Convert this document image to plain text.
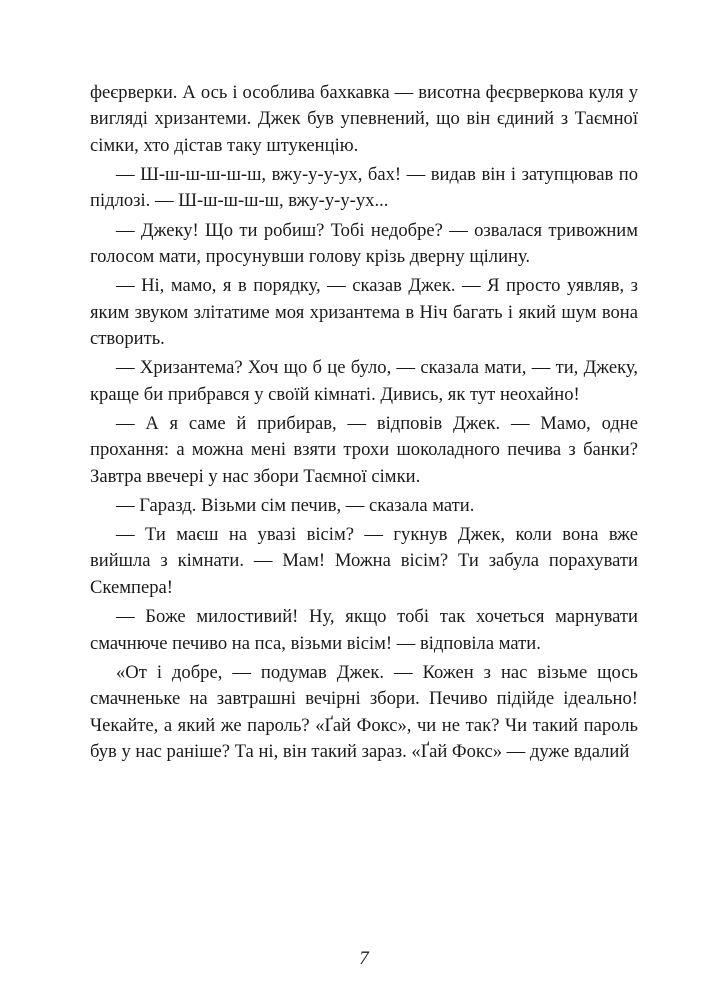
феєрверки. А ось і особлива бахкавка — висотна феєрверкова куля у вигляді хризантеми. Джек був упевнений, що він єдиний з Таємної сімки, хто дістав таку штукенцію.

— Ш-ш-ш-ш-ш-ш, вжу-у-у-ух, бах! — видав він і затупцював по підлозі. — Ш-ш-ш-ш-ш, вжу-у-у-ух...

— Джеку! Що ти робиш? Тобі недобре? — озвалася тривожним голосом мати, просунувши голову крізь дверну щілину.

— Ні, мамо, я в порядку, — сказав Джек. — Я просто уявляв, з яким звуком злітатиме моя хризантема в Ніч багать і який шум вона створить.

— Хризантема? Хоч що б це було, — сказала мати, — ти, Джеку, краще би прибрався у своїй кімнаті. Дивись, як тут неохайно!

— А я саме й прибирав, — відповів Джек. — Мамо, одне прохання: а можна мені взяти трохи шоколадного печива з банки? Завтра ввечері у нас збори Таємної сімки.

— Гаразд. Візьми сім печив, — сказала мати.

— Ти маєш на увазі вісім? — гукнув Джек, коли вона вже вийшла з кімнати. — Мам! Можна вісім? Ти забула порахувати Скемпера!

— Боже милостивий! Ну, якщо тобі так хочеться марнувати смачнюче печиво на пса, візьми вісім! — відповіла мати.

«От і добре, — подумав Джек. — Кожен з нас візьме щось смачненьке на завтрашні вечірні збори. Печиво підійде ідеально! Чекайте, а який же пароль? «Ґай Фокс», чи не так? Чи такий пароль був у нас раніше? Та ні, він такий зараз. «Ґай Фокс» — дуже вдалий

7
